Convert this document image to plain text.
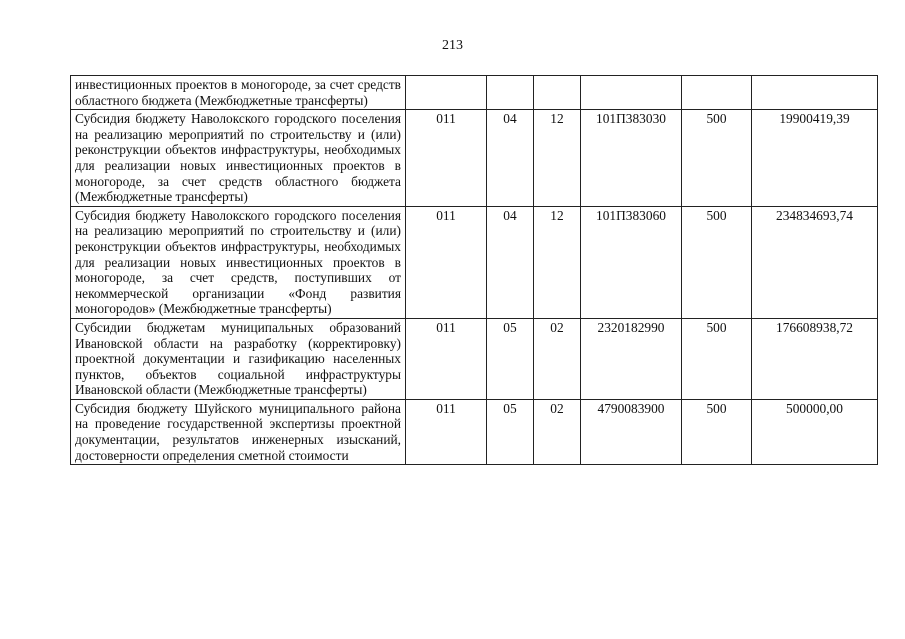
213
инвестиционных проектов в моногороде, за счет средств областного бюджета (Межбюджетные трансферты)						
Субсидия бюджету Наволокского городского поселения на реализацию мероприятий по строительству и (или) реконструкции объектов инфраструктуры, необходимых для реализации новых инвестиционных проектов в моногороде, за счет средств областного бюджета (Межбюджетные трансферты)	011	04	12	101П383030	500	19900419,39
Субсидия бюджету Наволокского городского поселения на реализацию мероприятий по строительству и (или) реконструкции объектов инфраструктуры, необходимых для реализации новых инвестиционных проектов в моногороде, за счет средств, поступивших от некоммерческой организации «Фонд развития моногородов» (Межбюджетные трансферты)	011	04	12	101П383060	500	234834693,74
Субсидии бюджетам муниципальных образований Ивановской области на разработку (корректировку) проектной документации и газификацию населенных пунктов, объектов социальной инфраструктуры Ивановской области (Межбюджетные трансферты)	011	05	02	2320182990	500	176608938,72

Субсидия бюджету Шуйского муниципального района на проведение государственной экспертизы проектной документации, результатов инженерных изысканий, достоверности определения сметной стоимости	011	05	02	4790083900	500	500000,00
